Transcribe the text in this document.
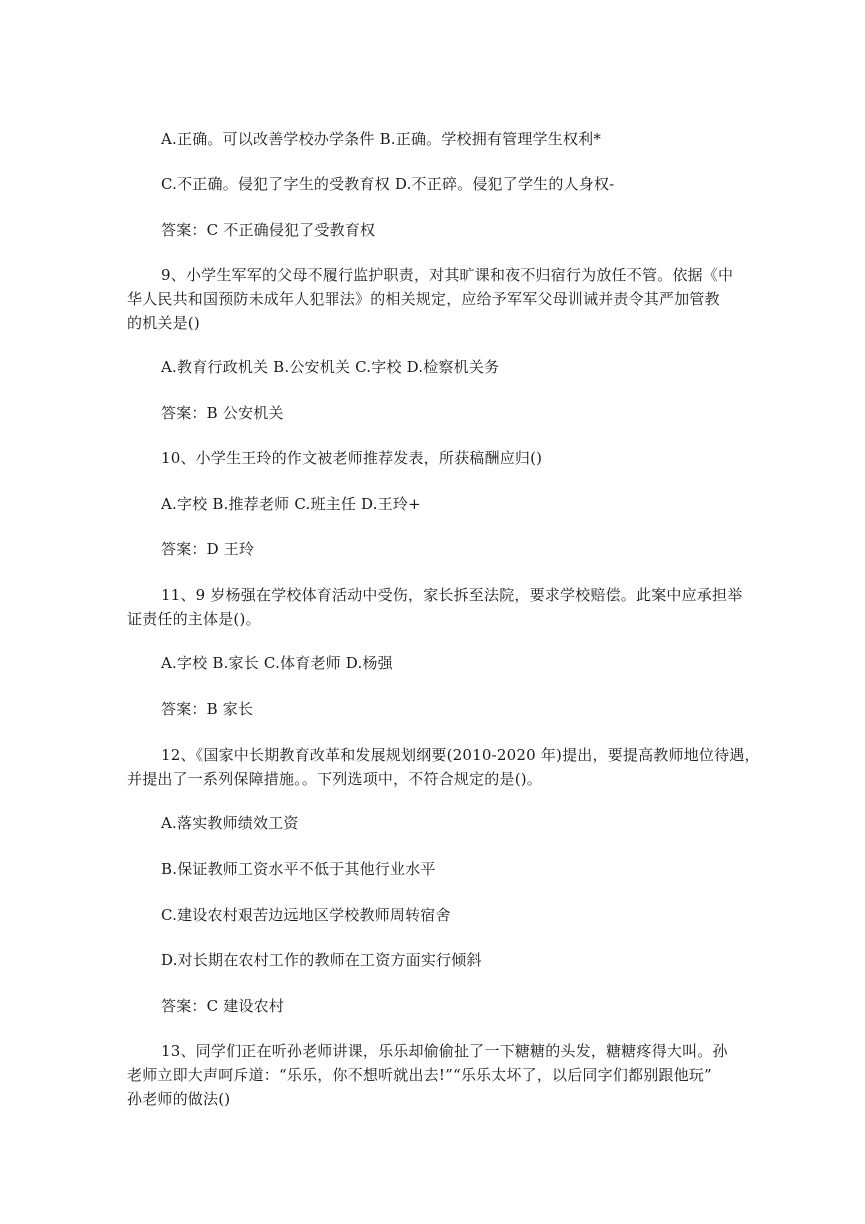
A.正确。可以改善学校办学条件 B.正确。学校拥有管理学生权利*
C.不正确。侵犯了字生的受教育权 D.不正碎。侵犯了学生的人身权-
答案：C 不正确侵犯了受教育权
9、小学生军军的父母不履行监护职责，对其旷课和夜不归宿行为放任不管。依据《中
华人民共和国预防未成年人犯罪法》的相关规定，应给予军军父母训诫并责令其严加管教
的机关是()
A.教育行政机关 B.公安机关 C.字校 D.检察机关务
答案：B 公安机关
10、小学生王玲的作文被老师推荐发表，所获稿酬应归()
A.字校 B.推荐老师 C.班主任 D.王玲+
答案：D 王玲
11、9 岁杨强在学校体育活动中受伤，家长拆至法院，要求学校赔偿。此案中应承担举
证责任的主体是()。
A.字校 B.家长 C.体育老师 D.杨强
答案：B 家长
12、《国家中长期教育改革和发展规划纲要(2010-2020 年)提出，要提高教师地位待遇，
并提出了一系列保障措施。。下列选项中，不符合规定的是()。
A.落实教师绩效工资
B.保证教师工资水平不低于其他行业水平
C.建设农村艰苦边远地区学校教师周转宿舍
D.对长期在农村工作的教师在工资方面实行倾斜
答案：C 建设农村
13、同学们正在听孙老师讲课，乐乐却偷偷扯了一下糖糖的头发，糖糖疼得大叫。孙
老师立即大声呵斥道：“乐乐，你不想听就出去!”“乐乐太坏了，以后同字们都别跟他玩”
孙老师的做法()
